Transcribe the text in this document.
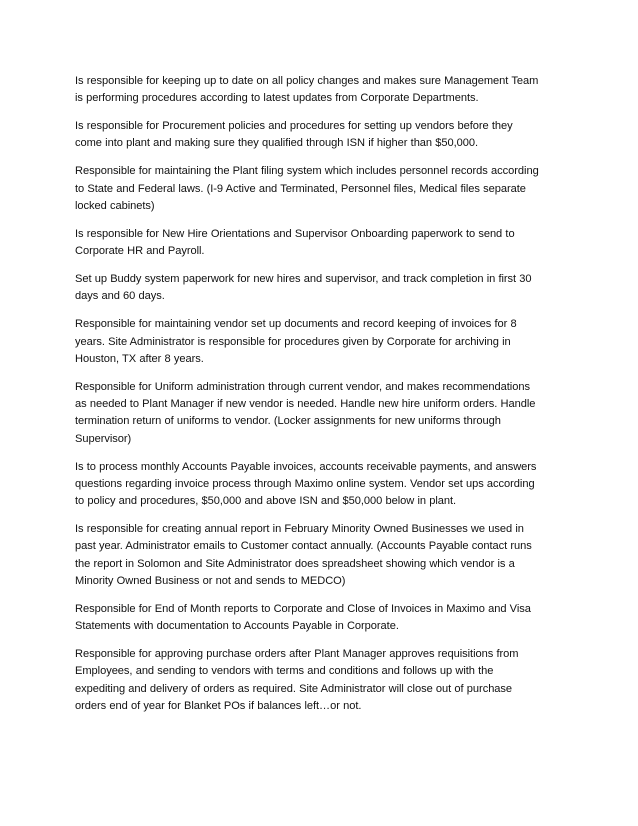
Is responsible for keeping up to date on all policy changes and makes sure Management Team
is performing procedures according to latest updates from Corporate Departments.

Is responsible for Procurement policies and procedures for setting up vendors before they
come into plant and making sure they qualified through ISN if higher than $50,000.

Responsible for maintaining the Plant filing system which includes personnel records according
to State and Federal laws. (I-9 Active and Terminated, Personnel files, Medical files separate
locked cabinets)

Is responsible for New Hire Orientations and Supervisor Onboarding paperwork to send to
Corporate HR and Payroll.

Set up Buddy system paperwork for new hires and supervisor, and track completion in first 30
days and 60 days.

Responsible for maintaining vendor set up documents and record keeping of invoices for 8
years. Site Administrator is responsible for procedures given by Corporate for archiving in
Houston, TX after 8 years.

Responsible for Uniform administration through current vendor, and makes recommendations
as needed to Plant Manager if new vendor is needed. Handle new hire uniform orders. Handle
termination return of uniforms to vendor. (Locker assignments for new uniforms through
Supervisor)

Is to process monthly Accounts Payable invoices, accounts receivable payments, and answers
questions regarding invoice process through Maximo online system. Vendor set ups according
to policy and procedures, $50,000 and above ISN and $50,000 below in plant.

Is responsible for creating annual report in February Minority Owned Businesses we used in
past year. Administrator emails to Customer contact annually. (Accounts Payable contact runs
the report in Solomon and Site Administrator does spreadsheet showing which vendor is a
Minority Owned Business or not and sends to MEDCO)

Responsible for End of Month reports to Corporate and Close of Invoices in Maximo and Visa
Statements with documentation to Accounts Payable in Corporate.

Responsible for approving purchase orders after Plant Manager approves requisitions from
Employees, and sending to vendors with terms and conditions and follows up with the
expediting and delivery of orders as required. Site Administrator will close out of purchase
orders end of year for Blanket POs if balances left…or not.
